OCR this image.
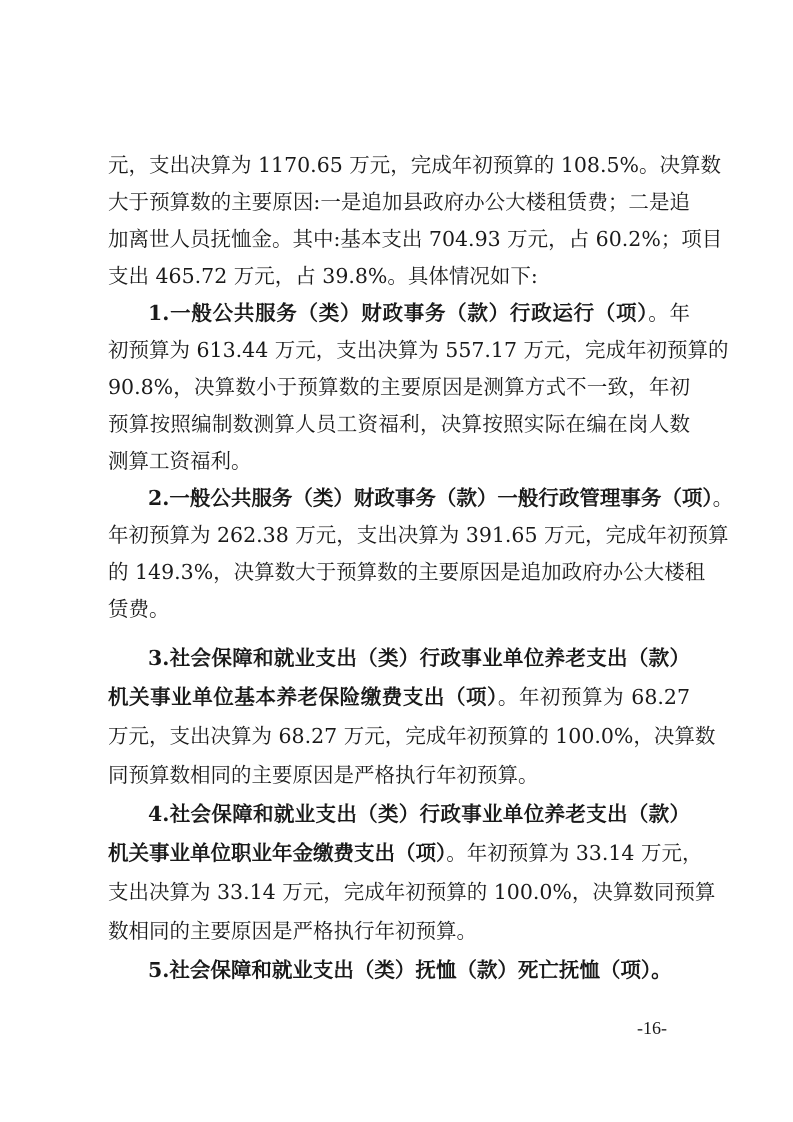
元，支出决算为 1170.65 万元，完成年初预算的 108.5%。决算数
大于预算数的主要原因:一是追加县政府办公大楼租赁费；二是追
加离世人员抚恤金。其中:基本支出 704.93 万元，占 60.2%；项目
支出 465.72 万元，占 39.8%。具体情况如下:
1.一般公共服务（类）财政事务（款）行政运行（项）。年
初预算为 613.44 万元，支出决算为 557.17 万元，完成年初预算的
90.8%，决算数小于预算数的主要原因是测算方式不一致，年初
预算按照编制数测算人员工资福利，决算按照实际在编在岗人数
测算工资福利。
2.一般公共服务（类）财政事务（款）一般行政管理事务（项）。
年初预算为 262.38 万元，支出决算为 391.65 万元，完成年初预算
的 149.3%，决算数大于预算数的主要原因是追加政府办公大楼租
赁费。
3.社会保障和就业支出（类）行政事业单位养老支出（款）
机关事业单位基本养老保险缴费支出（项）。年初预算为 68.27
万元，支出决算为 68.27 万元，完成年初预算的 100.0%，决算数
同预算数相同的主要原因是严格执行年初预算。
4.社会保障和就业支出（类）行政事业单位养老支出（款）
机关事业单位职业年金缴费支出（项）。年初预算为 33.14 万元，
支出决算为 33.14 万元，完成年初预算的 100.0%，决算数同预算
数相同的主要原因是严格执行年初预算。
5.社会保障和就业支出（类）抚恤（款）死亡抚恤（项）。
-16-
